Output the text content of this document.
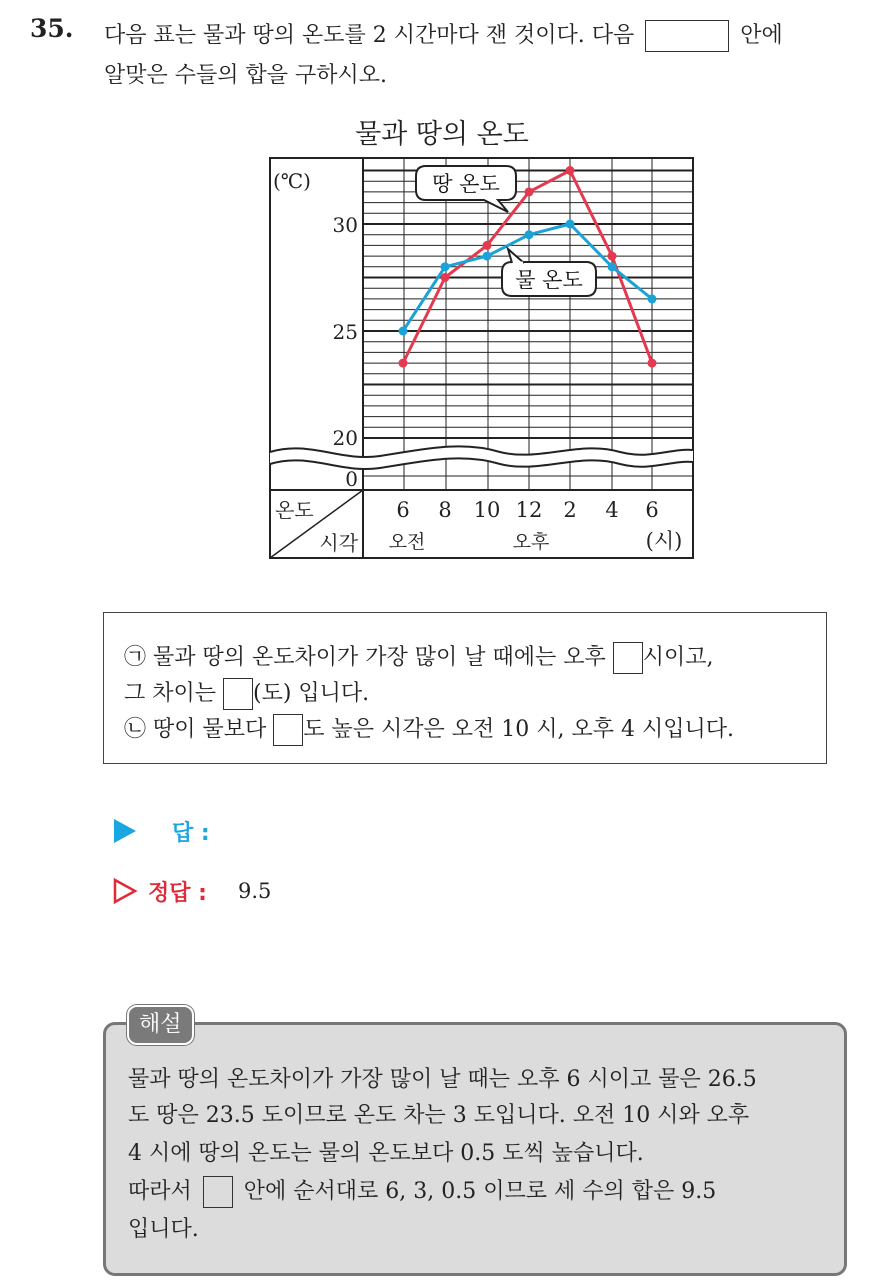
35. 다음 표는 물과 땅의 온도를 2 시간마다 잰 것이다. 다음	안에
알맞은 수들의 합을 구하시오.
물과 땅의 온도
(℃)
30
25
20
0
온도
시각
6 8 10 12 2 4 6
오전	오후	(시)
땅 온도
물 온도
㉠ 물과 땅의 온도차이가 가장 많이 날 때에는 오후 시이고,
그 차이는 (도) 입니다.
㉡ 땅이 물보다 도 높은 시각은 오전 10 시, 오후 4 시입니다.
답 :
정답 : 9.5
해설
물과 땅의 온도차이가 가장 많이 날 때는 오후 6 시이고 물은 26.5
도 땅은 23.5 도이므로 온도 차는 3 도입니다. 오전 10 시와 오후
4 시에 땅의 온도는 물의 온도보다 0.5 도씩 높습니다.
따라서 안에 순서대로 6, 3, 0.5 이므로 세 수의 합은 9.5
입니다.
